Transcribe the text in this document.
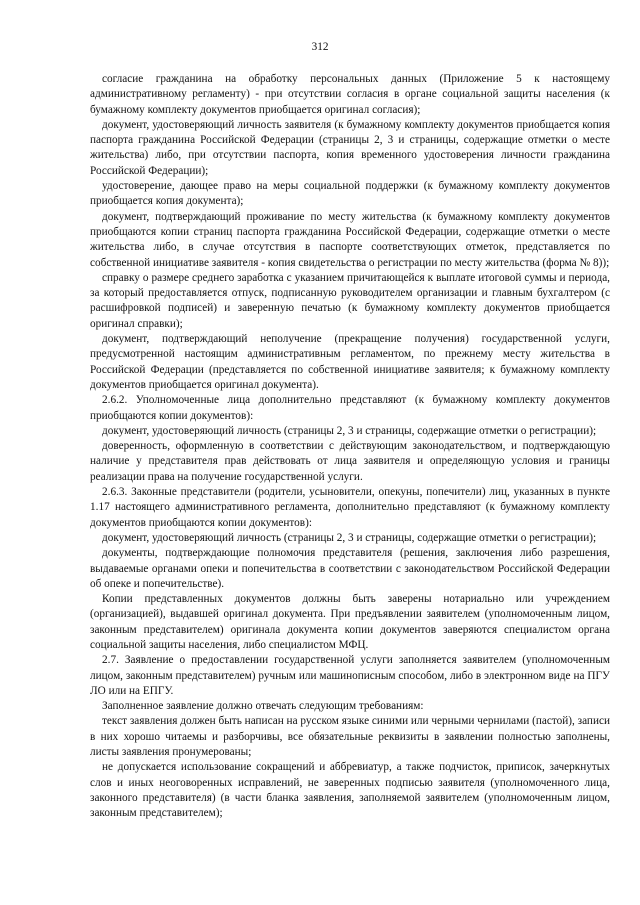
312

согласие гражданина на обработку персональных данных (Приложение 5 к настоящему административному регламенту) - при отсутствии согласия в органе социальной защиты населения (к бумажному комплекту документов приобщается оригинал согласия);

документ, удостоверяющий личность заявителя (к бумажному комплекту документов приобщается копия паспорта гражданина Российской Федерации (страницы 2, 3 и страницы, содержащие отметки о месте жительства) либо, при отсутствии паспорта, копия временного удостоверения личности гражданина Российской Федерации);

удостоверение, дающее право на меры социальной поддержки (к бумажному комплекту документов приобщается копия документа);

документ, подтверждающий проживание по месту жительства (к бумажному комплекту документов приобщаются копии страниц паспорта гражданина Российской Федерации, содержащие отметки о месте жительства либо, в случае отсутствия в паспорте соответствующих отметок, представляется по собственной инициативе заявителя - копия свидетельства о регистрации по месту жительства (форма № 8));

справку о размере среднего заработка с указанием причитающейся к выплате итоговой суммы и периода, за который предоставляется отпуск, подписанную руководителем организации и главным бухгалтером (с расшифровкой подписей) и заверенную печатью (к бумажному комплекту документов приобщается оригинал справки);

документ, подтверждающий неполучение (прекращение получения) государственной услуги, предусмотренной настоящим административным регламентом, по прежнему месту жительства в Российской Федерации (представляется по собственной инициативе заявителя; к бумажному комплекту документов приобщается оригинал документа).

2.6.2. Уполномоченные лица дополнительно представляют (к бумажному комплекту документов приобщаются копии документов):

документ, удостоверяющий личность (страницы 2, 3 и страницы, содержащие отметки о регистрации);

доверенность, оформленную в соответствии с действующим законодательством, и подтверждающую наличие у представителя прав действовать от лица заявителя и определяющую условия и границы реализации права на получение государственной услуги.

2.6.3. Законные представители (родители, усыновители, опекуны, попечители) лиц, указанных в пункте 1.17 настоящего административного регламента, дополнительно представляют (к бумажному комплекту документов приобщаются копии документов):

документ, удостоверяющий личность (страницы 2, 3 и страницы, содержащие отметки о регистрации);

документы, подтверждающие полномочия представителя (решения, заключения либо разрешения, выдаваемые органами опеки и попечительства в соответствии с законодательством Российской Федерации об опеке и попечительстве).

Копии представленных документов должны быть заверены нотариально или учреждением (организацией), выдавшей оригинал документа. При предъявлении заявителем (уполномоченным лицом, законным представителем) оригинала документа копии документов заверяются специалистом органа социальной защиты населения, либо специалистом МФЦ.

2.7. Заявление о предоставлении государственной услуги заполняется заявителем (уполномоченным лицом, законным представителем) ручным или машинописным способом, либо в электронном виде на ПГУ ЛО или на ЕПГУ.

Заполненное заявление должно отвечать следующим требованиям:

текст заявления должен быть написан на русском языке синими или черными чернилами (пастой), записи в них хорошо читаемы и разборчивы, все обязательные реквизиты в заявлении полностью заполнены, листы заявления пронумерованы;

не допускается использование сокращений и аббревиатур, а также подчисток, приписок, зачеркнутых слов и иных неоговоренных исправлений, не заверенных подписью заявителя (уполномоченного лица, законного представителя) (в части бланка заявления, заполняемой заявителем (уполномоченным лицом, законным представителем);
